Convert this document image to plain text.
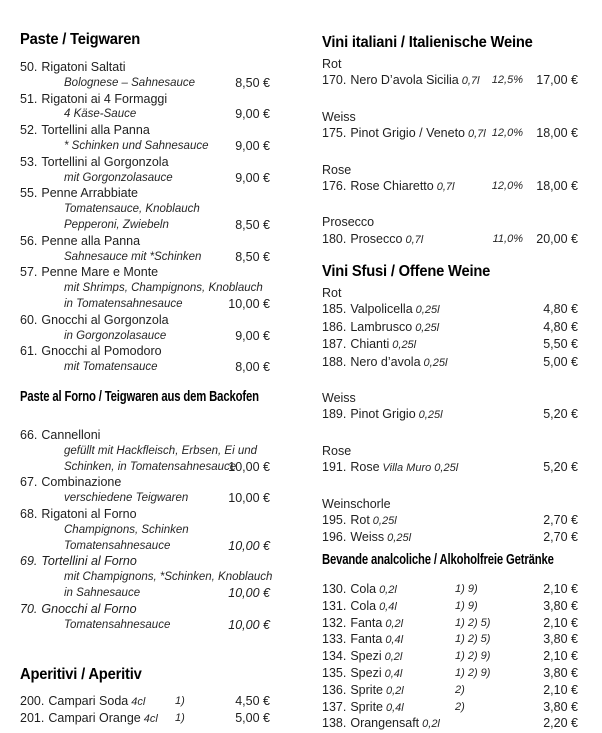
Paste / Teigwaren
50. Rigatoni Saltati
Bolognese – Sahnesauce	8,50 €
51. Rigatoni ai 4 Formaggi
4 Käse-Sauce	9,00 €
52. Tortellini alla Panna
* Schinken und Sahnesauce 9,00 €
53. Tortellini al Gorgonzola
mit Gorgonzolasauce	9,00 €
55. Penne Arrabbiate
Tomatensauce, Knoblauch
Pepperoni, Zwiebeln	8,50 €
56. Penne alla Panna
Sahnesauce mit *Schinken	8,50 €
57. Penne Mare e Monte
mit Shrimps, Champignons, Knoblauch
in Tomatensahnesauce	10,00 €
60. Gnocchi al Gorgonzola
in Gorgonzolasauce	9,00 €
61. Gnocchi al Pomodoro
mit Tomatensauce	8,00 €
Paste al Forno / Teigwaren aus dem Backofen
66. Cannelloni
gefüllt mit Hackfleisch, Erbsen, Ei und
Schinken, in Tomatensahnesauce
10,00 €
67. Combinazione
verschiedene Teigwaren	10,00 €
68. Rigatoni al Forno
Champignons, Schinken
Tomatensahnesauce	10,00 €
69. Tortellini al Forno
mit Champignons, *Schinken, Knoblauch
in Sahnesauce	10,00 €
70. Gnocchi al Forno
Tomatensahnesauce	10,00 €
Aperitivi / Aperitiv
200. Campari Soda 4cl	1)	4,50 €
201. Campari Orange 4cl 1)	5,00 €
Vini italiani / Italienische Weine
Rot
170. Nero D’avola Sicilia 0,7l 12,5% 17,00 €
Weiss
175. Pinot Grigio / Veneto 0,7l 12,0% 18,00 €
Rose
176. Rose Chiaretto 0,7l	12,0% 18,00 €
Prosecco
180. Prosecco 0,7l	11,0% 20,00 €
Vini Sfusi / Offene Weine
Rot
185. Valpolicella 0,25l	4,80 €
186. Lambrusco 0,25l	4,80 €
187. Chianti 0,25l	5,50 €
188. Nero d’avola 0,25l	5,00 €
Weiss
189. Pinot Grigio 0,25l	5,20 €
Rose
191. Rose Villa Muro 0,25l	5,20 €
Weinschorle
195. Rot 0,25l	2,70 €
196. Weiss 0,25l	2,70 €
Bevande analcoliche / Alkoholfreie Getränke
130. Cola 0,2l	1) 9)	2,10 €
131. Cola 0,4l	1) 9)	3,80 €
132. Fanta 0,2l	1) 2) 5)	2,10 €
133. Fanta 0,4l	1) 2) 5)	3,80 €
134. Spezi 0,2l	1) 2) 9)	2,10 €
135. Spezi 0,4l	1) 2) 9)	3,80 €
136. Sprite 0,2l	2)	2,10 €
137. Sprite 0,4l	2)	3,80 €
138. Orangensaft 0,2l	2,20 €
